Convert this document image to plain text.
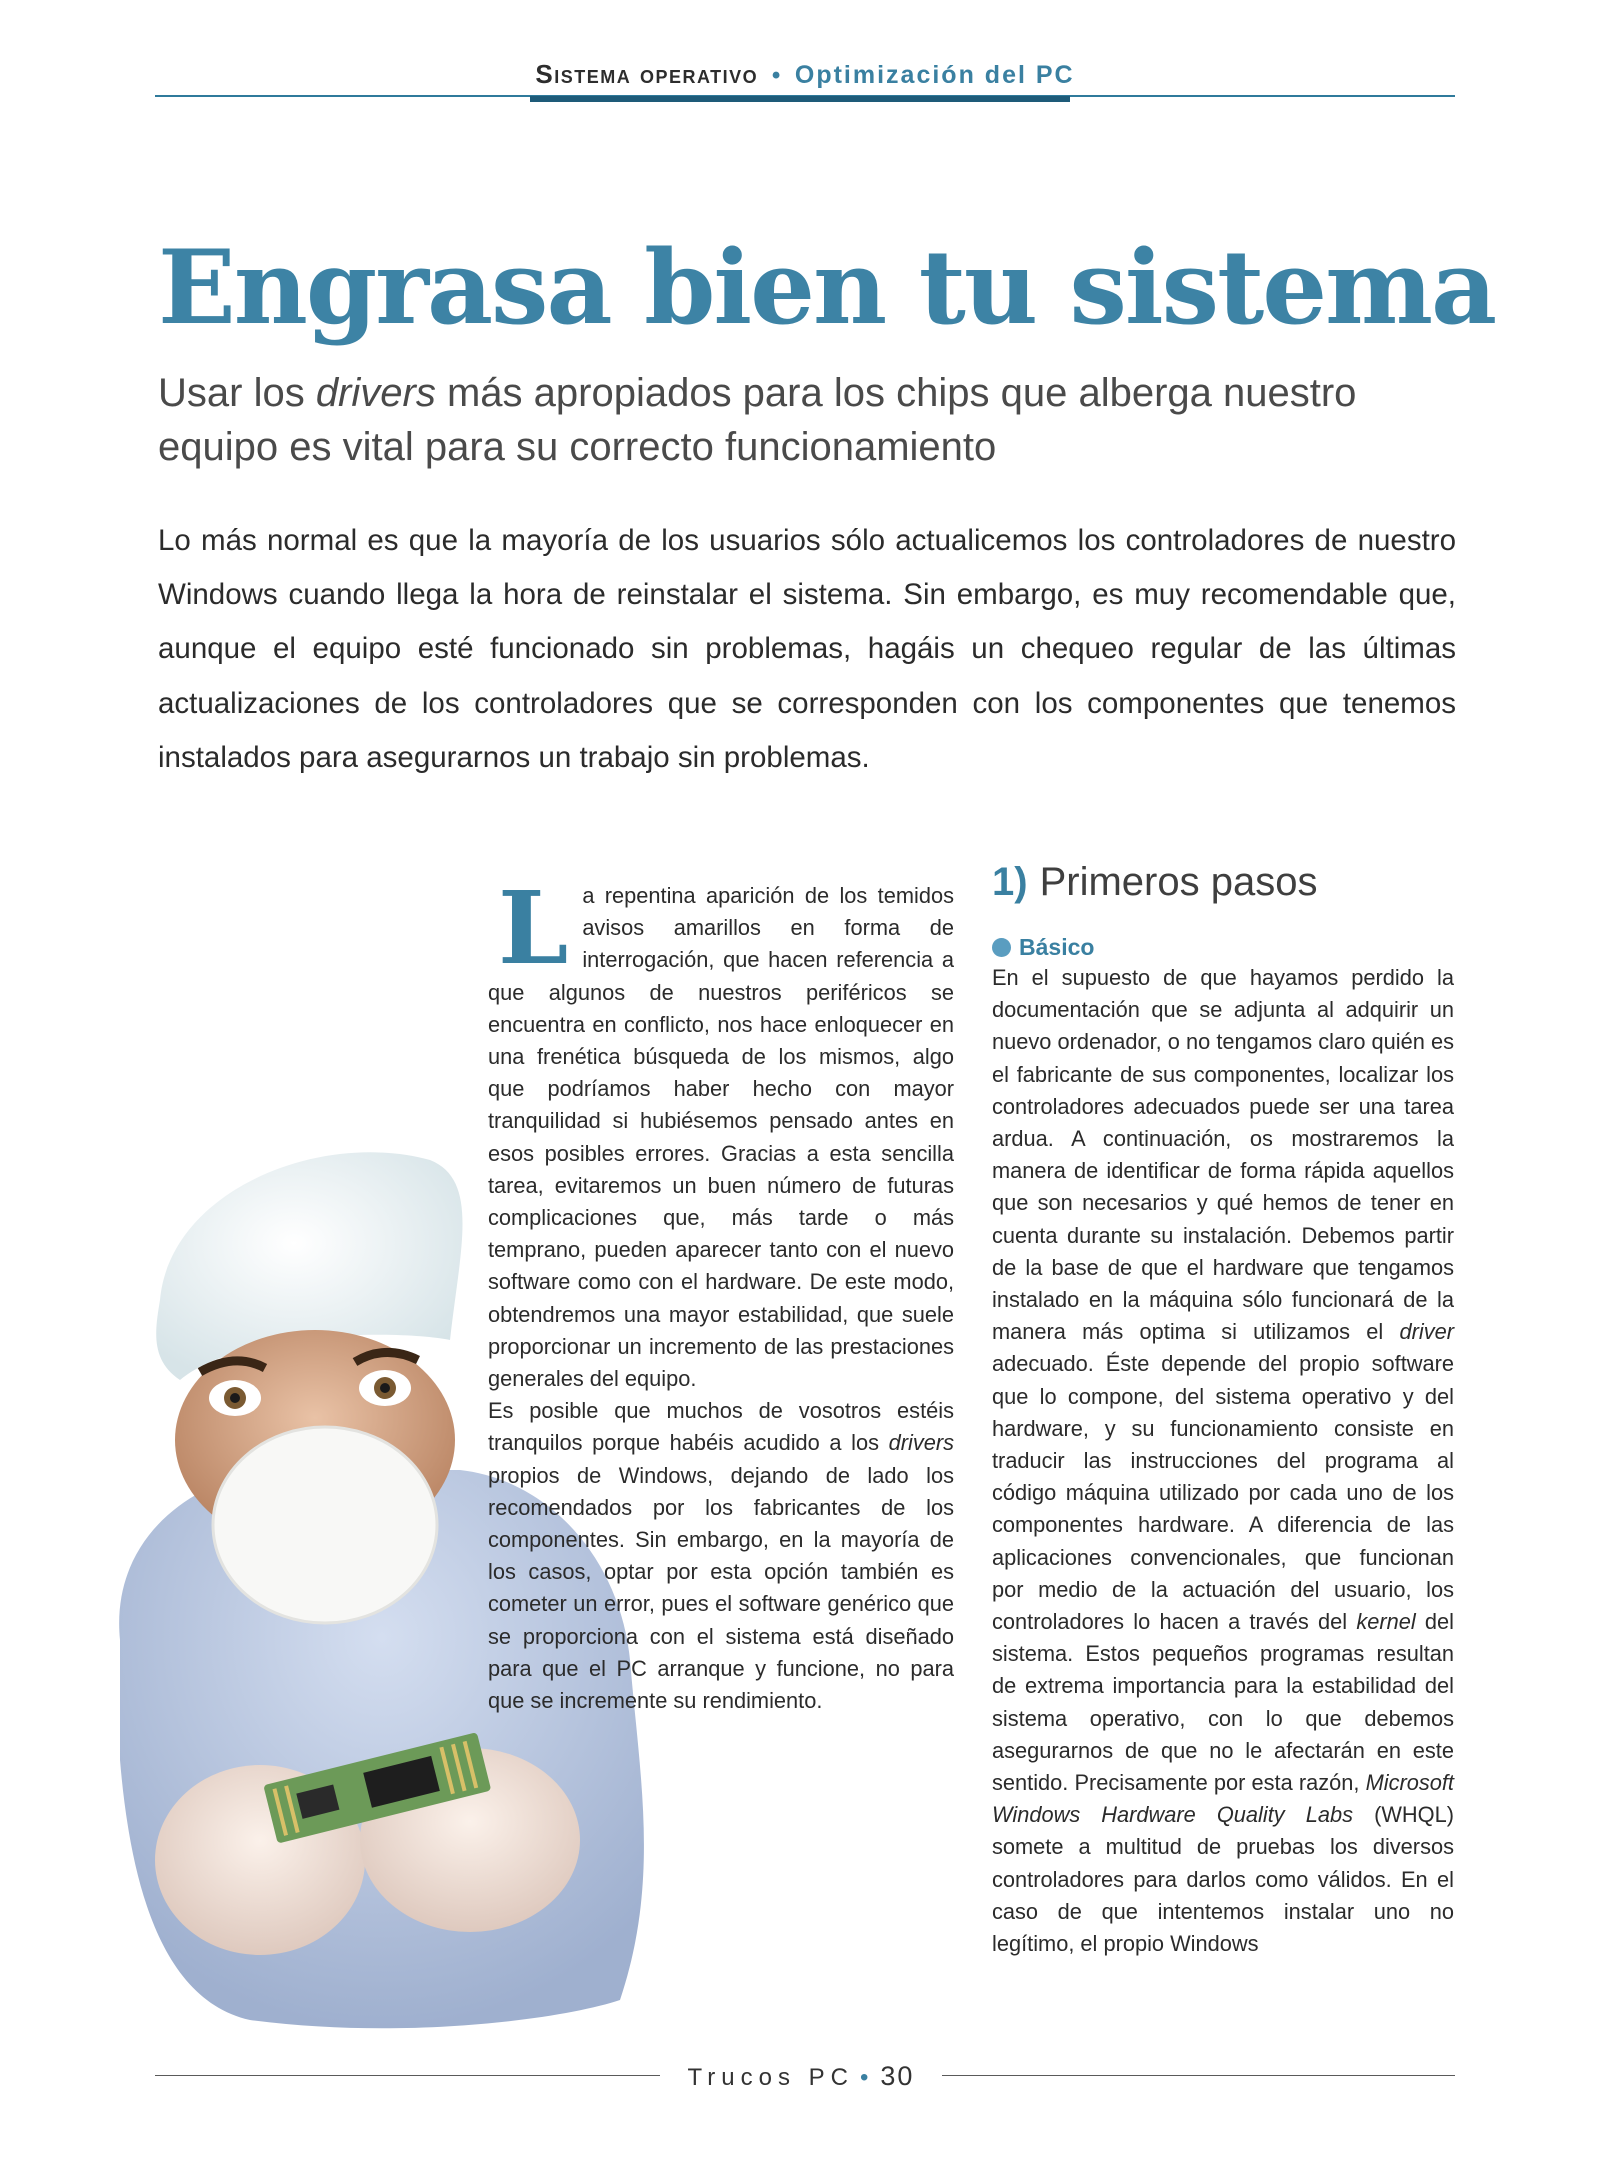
Sistema operativo • Optimización del PC
Engrasa bien tu sistema
Usar los drivers más apropiados para los chips que alberga nuestro equipo es vital para su correcto funcionamiento

Lo más normal es que la mayoría de los usuarios sólo actualicemos los controladores de nuestro Windows cuando llega la hora de reinstalar el sistema. Sin embargo, es muy recomendable que, aunque el equipo esté funcionado sin problemas, hagáis un chequeo regular de las últimas actualizaciones de los controladores que se corresponden con los componentes que tenemos instalados para asegurarnos un trabajo sin problemas.

L a repentina aparición de los temidos avisos amarillos en forma de interrogación, que hacen referencia a que algunos de nuestros periféricos se encuentra en conflicto, nos hace enloquecer en una frenética búsqueda de los mismos, algo que podríamos haber hecho con mayor tranquilidad si hubiésemos pensado antes en esos posibles errores. Gracias a esta sencilla tarea, evitaremos un buen número de futuras complicaciones que, más tarde o más temprano, pueden aparecer tanto con el nuevo software como con el hardware. De este modo, obtendremos una mayor estabilidad, que suele proporcionar un incremento de las prestaciones generales del equipo.

Es posible que muchos de vosotros estéis tranquilos porque habéis acudido a los drivers propios de Windows, dejando de lado los recomendados por los fabricantes de los componentes. Sin embargo, en la mayoría de los casos, optar por esta opción también es cometer un error, pues el software genérico que se proporciona con el sistema está diseñado para que el PC arranque y funcione, no para que se incremente su rendimiento.

1) Primeros pasos
Básico

En el supuesto de que hayamos perdido la documentación que se adjunta al adquirir un nuevo ordenador, o no tengamos claro quién es el fabricante de sus componentes, localizar los controladores adecuados puede ser una tarea ardua. A continuación, os mostraremos la manera de identificar de forma rápida aquellos que son necesarios y qué hemos de tener en cuenta durante su instalación. Debemos partir de la base de que el hardware que tengamos instalado en la máquina sólo funcionará de la manera más optima si utilizamos el driver adecuado. Éste depende del propio software que lo compone, del sistema operativo y del hardware, y su funcionamiento consiste en traducir las instrucciones del programa al código máquina utilizado por cada uno de los componentes hardware. A diferencia de las aplicaciones convencionales, que funcionan por medio de la actuación del usuario, los controladores lo hacen a través del kernel del sistema. Estos pequeños programas resultan de extrema importancia para la estabilidad del sistema operativo, con lo que debemos asegurarnos de que no le afectarán en este sentido. Precisamente por esta razón, Microsoft Windows Hardware Quality Labs (WHQL) somete a multitud de pruebas los diversos controladores para darlos como válidos. En el caso de que intentemos instalar uno no legítimo, el propio Windows

Trucos PC • 30
